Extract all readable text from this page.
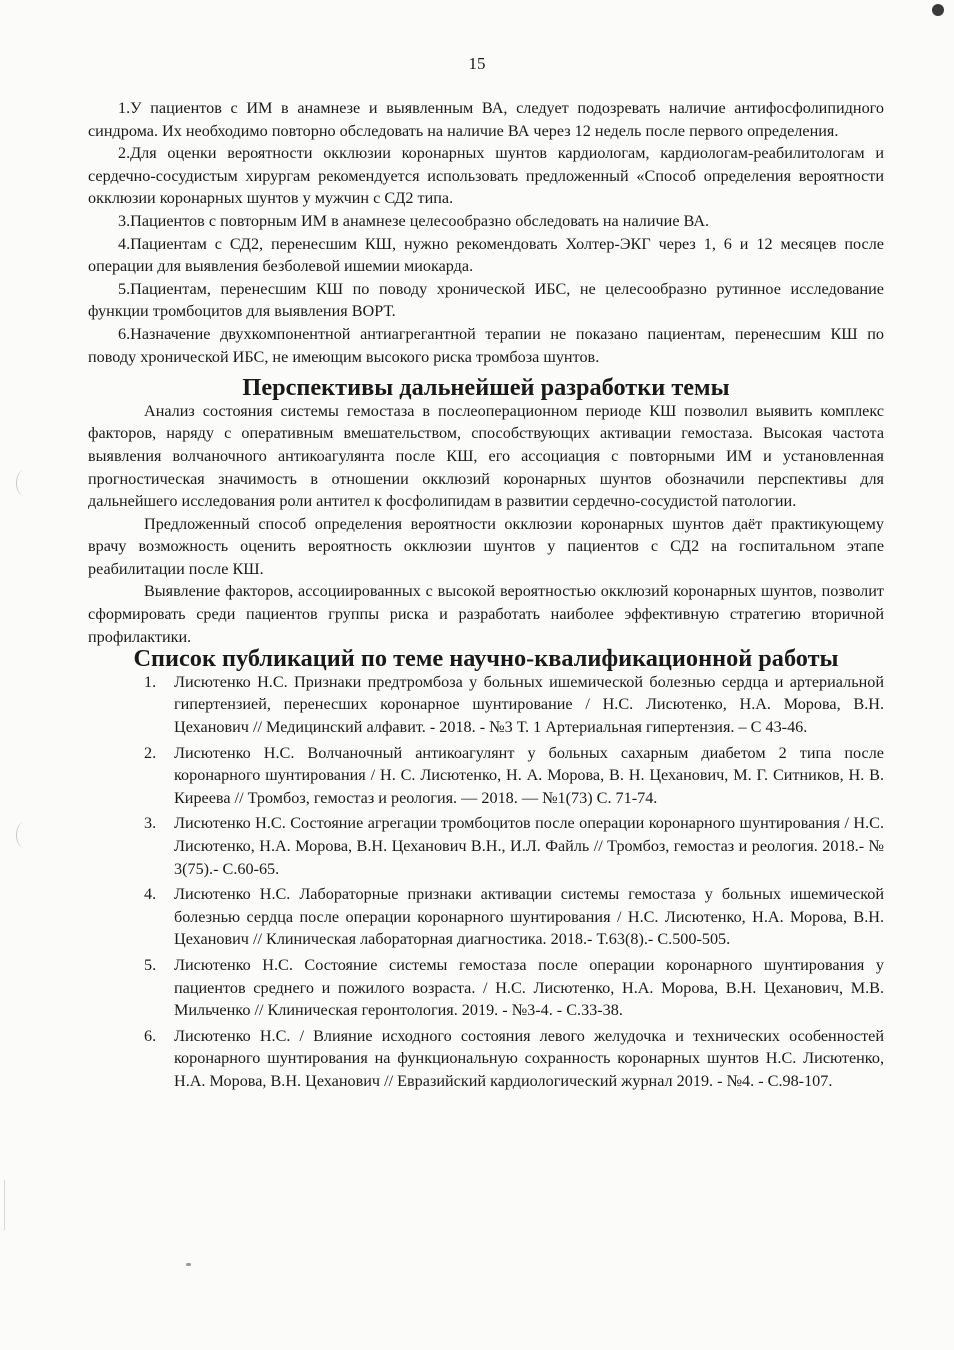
15

1.У пациентов с ИМ в анамнезе и выявленным ВА, следует подозревать наличие антифосфолипидного синдрома. Их необходимо повторно обследовать на наличие ВА через 12 недель после первого определения.

2.Для оценки вероятности окклюзии коронарных шунтов кардиологам, кардиологам-реабилитологам и сердечно-сосудистым хирургам рекомендуется использовать предложенный «Способ определения вероятности окклюзии коронарных шунтов у мужчин с СД2 типа.

3.Пациентов с повторным ИМ в анамнезе целесообразно обследовать на наличие ВА.

4.Пациентам с СД2, перенесшим КШ, нужно рекомендовать Холтер-ЭКГ через 1, 6 и 12 месяцев после операции для выявления безболевой ишемии миокарда.

5.Пациентам, перенесшим КШ по поводу хронической ИБС, не целесообразно рутинное исследование функции тромбоцитов для выявления ВОРТ.

6.Назначение двухкомпонентной антиагрегантной терапии не показано пациентам, перенесшим КШ по поводу хронической ИБС, не имеющим высокого риска тромбоза шунтов.

Перспективы дальнейшей разработки темы

Анализ состояния системы гемостаза в послеоперационном периоде КШ позволил выявить комплекс факторов, наряду с оперативным вмешательством, способствующих активации гемостаза. Высокая частота выявления волчаночного антикоагулянта после КШ, его ассоциация с повторными ИМ и установленная прогностическая значимость в отношении окклюзий коронарных шунтов обозначили перспективы для дальнейшего исследования роли антител к фосфолипидам в развитии сердечно-сосудистой патологии.

Предложенный способ определения вероятности окклюзии коронарных шунтов даёт практикующему врачу возможность оценить вероятность окклюзии шунтов у пациентов с СД2 на госпитальном этапе реабилитации после КШ.

Выявление факторов, ассоциированных с высокой вероятностью окклюзий коронарных шунтов, позволит сформировать среди пациентов группы риска и разработать наиболее эффективную стратегию вторичной профилактики.

Список публикаций по теме научно-квалификационной работы
1.	Лисютенко Н.С. Признаки предтромбоза у больных ишемической болезнью сердца и артериальной гипертензией, перенесших коронарное шунтирование / Н.С. Лисютенко, Н.А. Морова, В.Н. Цеханович // Медицинский алфавит. - 2018. - №3 Т. 1 Артериальная гипертензия. – С 43-46.
2.	Лисютенко Н.С. Волчаночный антикоагулянт у больных сахарным диабетом 2 типа после коронарного шунтирования / Н. С. Лисютенко, Н. А. Морова, В. Н. Цеханович, М. Г. Ситников, Н. В. Киреева // Тромбоз, гемостаз и реология. — 2018. — №1(73) С. 71-74.
3.	Лисютенко Н.С. Состояние агрегации тромбоцитов после операции коронарного шунтирования / Н.С. Лисютенко, Н.А. Морова, В.Н. Цеханович В.Н., И.Л. Файль // Тромбоз, гемостаз и реология. 2018.- № 3(75).- С.60-65.
4.	Лисютенко Н.С. Лабораторные признаки активации системы гемостаза у больных ишемической болезнью сердца после операции коронарного шунтирования / Н.С. Лисютенко, Н.А. Морова, В.Н. Цеханович // Клиническая лабораторная диагностика. 2018.- Т.63(8).- С.500-505.
5.	Лисютенко Н.С. Состояние системы гемостаза после операции коронарного шунтирования у пациентов среднего и пожилого возраста. / Н.С. Лисютенко, Н.А. Морова, В.Н. Цеханович, М.В. Мильченко // Клиническая геронтология. 2019. - №3-4. - С.33-38.
6.	Лисютенко Н.С. / Влияние исходного состояния левого желудочка и технических особенностей коронарного шунтирования на функциональную сохранность коронарных шунтов Н.С. Лисютенко, Н.А. Морова, В.Н. Цеханович // Евразийский кардиологический журнал 2019. - №4. - С.98-107.
